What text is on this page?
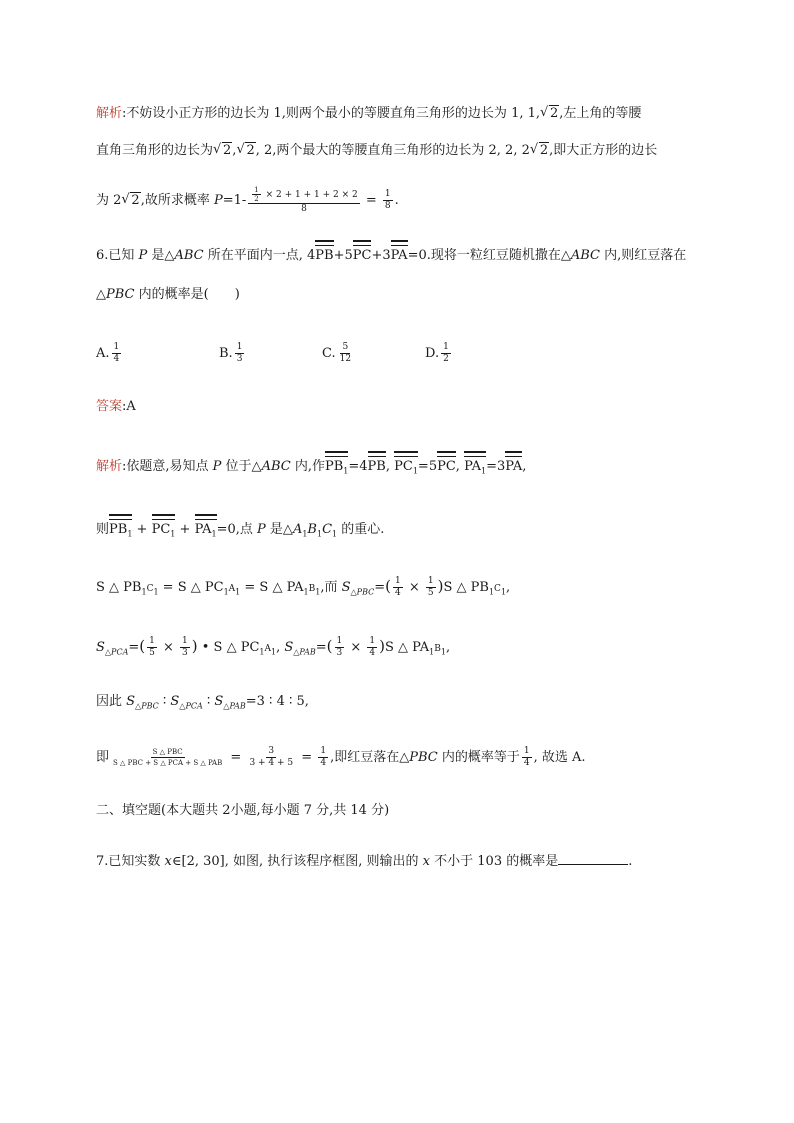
解析:不妨设小正方形的边长为 1,则两个最小的等腰直角三角形的边长为 1, 1, √ 2,左上角的等腰
直角三角形的边长为 √ 2, √ 2, 2,两个最大的等腰直角三角形的边长为 2, 2, 2 √ 2,即大正方形的边长
为 2 √ 2,故所求概率 $P=1- \frac{\frac{1}{2} \times 2 + 1 + 1 + 2 \times 2}{8} = \frac{1}{8}$ .
6.已知 P 是△ABC 所在平面内一点, 4PB+5PC+3PA=0.现将一粒红豆随机撒在△ABC 内,则红豆落在
△PBC 内的概率是(　　)
A. $\frac{1}{4}$	B. $\frac{1}{3}$	C. $\frac{5}{12}$	D. $\frac{1}{2}$
答案:A
解析:依题意,易知点 P 位于△ABC 内,作$PB_1=4PB$, $PC_1=5PC$, $PA_1=3PA$,
则$PB_1 + PC_1 + PA_1=0$,点 P 是$\triangle A_1B_1C_1$ 的重心.
S △ $PB_1C_1 = S$ △ $PC_1A_1 = S$ △ $PA_1B_1$,而 $S_{\triangle PBC}=( \frac{1}{4} \times \frac{1}{5} )S$ △ $PB_1C_1$,
$S_{\triangle PCA}=( \frac{1}{5} \times \frac{1}{3}$ ) • S △ $PC_1A_1$, $S_{\triangle PAB}=( \frac{1}{3} \times \frac{1}{4} )S$ △ $PA_1B_1$,
因此 $S_{\triangle PBC}$ ∶ $S_{\triangle PCA}$ ∶ $S_{\triangle PAB}=3$ ∶ 4 ∶ 5,
即 $\frac{\text{S △ PBC}}{\text{S △ PBC + S △ PCA + S △ PAB}} = \frac{3}{3 + 4 + 5} = \frac{1}{4}$ ,即红豆落在△PBC 内的概率等于 $\frac{1}{4}$ , 故选 A.
二、填空题(本大题共 2小题,每小题 7 分,共 14 分)
7.已知实数 x∈[2, 30], 如图, 执行该程序框图, 则输出的 x 不小于 103 的概率是	.
